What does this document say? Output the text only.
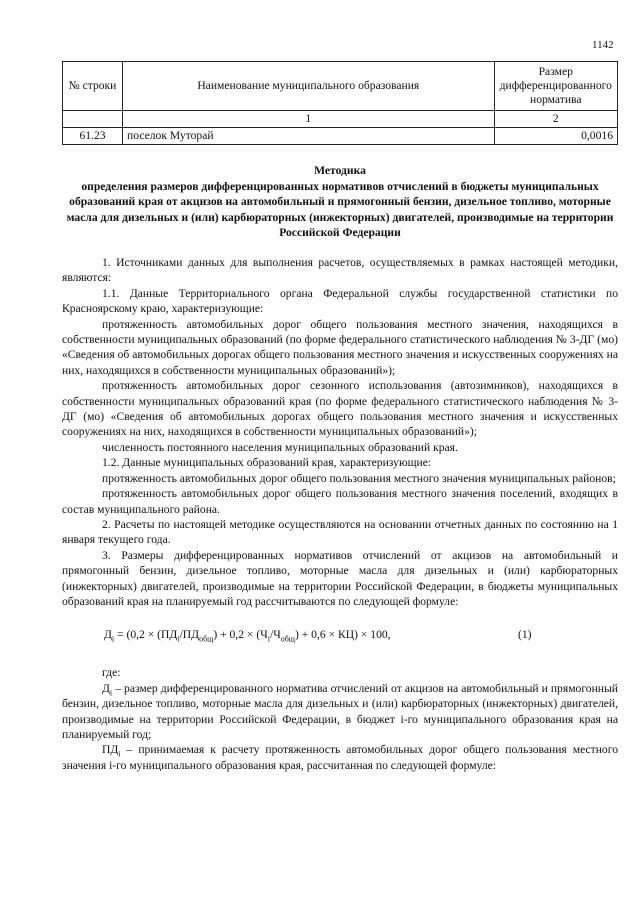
1142
№ строки	Наименование муниципального образования	Размер дифференцированного норматива
	1	2
61.23	поселок Муторай	0,0016
Методика
определения размеров дифференцированных нормативов отчислений в бюджеты муниципальных образований края от акцизов на автомобильный и прямогонный бензин, дизельное топливо, моторные масла для дизельных и (или) карбюраторных (инжекторных) двигателей, производимые на территории Российской Федерации

1. Источниками данных для выполнения расчетов, осуществляемых в рамках настоящей методики, являются:

1.1. Данные Территориального органа Федеральной службы государственной статистики по Красноярскому краю, характеризующие:

протяженность автомобильных дорог общего пользования местного значения, находящихся в собственности муниципальных образований (по форме федерального статистического наблюдения № 3-ДГ (мо) «Сведения об автомобильных дорогах общего пользования местного значения и искусственных сооружениях на них, находящихся в собственности муниципальных образований»);

протяженность автомобильных дорог сезонного использования (автозимников), находящихся в собственности муниципальных образований края (по форме федерального статистического наблюдения № 3-ДГ (мо) «Сведения об автомобильных дорогах общего пользования местного значения и искусственных сооружениях на них, находящихся в собственности муниципальных образований»);

численность постоянного населения муниципальных образований края.

1.2. Данные муниципальных образований края, характеризующие:

протяженность автомобильных дорог общего пользования местного значения муниципальных районов;

протяженность автомобильных дорог общего пользования местного значения поселений, входящих в состав муниципального района.

2. Расчеты по настоящей методике осуществляются на основании отчетных данных по состоянию на 1 января текущего года.

3. Размеры дифференцированных нормативов отчислений от акцизов на автомобильный и прямогонный бензин, дизельное топливо, моторные масла для дизельных и (или) карбюраторных (инжекторных) двигателей, производимые на территории Российской Федерации, в бюджеты муниципальных образований края на планируемый год рассчитываются по следующей формуле:

$Д_i = (0,2 \times (ПД_i/ПД_{общ}) + 0,2 \times (Ч_i/Ч_{общ}) + 0,6 \times КЦ) \times 100$,	(1)

где:

$Д_i$ – размер дифференцированного норматива отчислений от акцизов на автомобильный и прямогонный бензин, дизельное топливо, моторные масла для дизельных и (или) карбюраторных (инжекторных) двигателей, производимые на территории Российской Федерации, в бюджет i-го муниципального образования края на планируемый год;

$ПД_i$ – принимаемая к расчету протяженность автомобильных дорог общего пользования местного значения i-го муниципального образования края, рассчитанная по следующей формуле:
